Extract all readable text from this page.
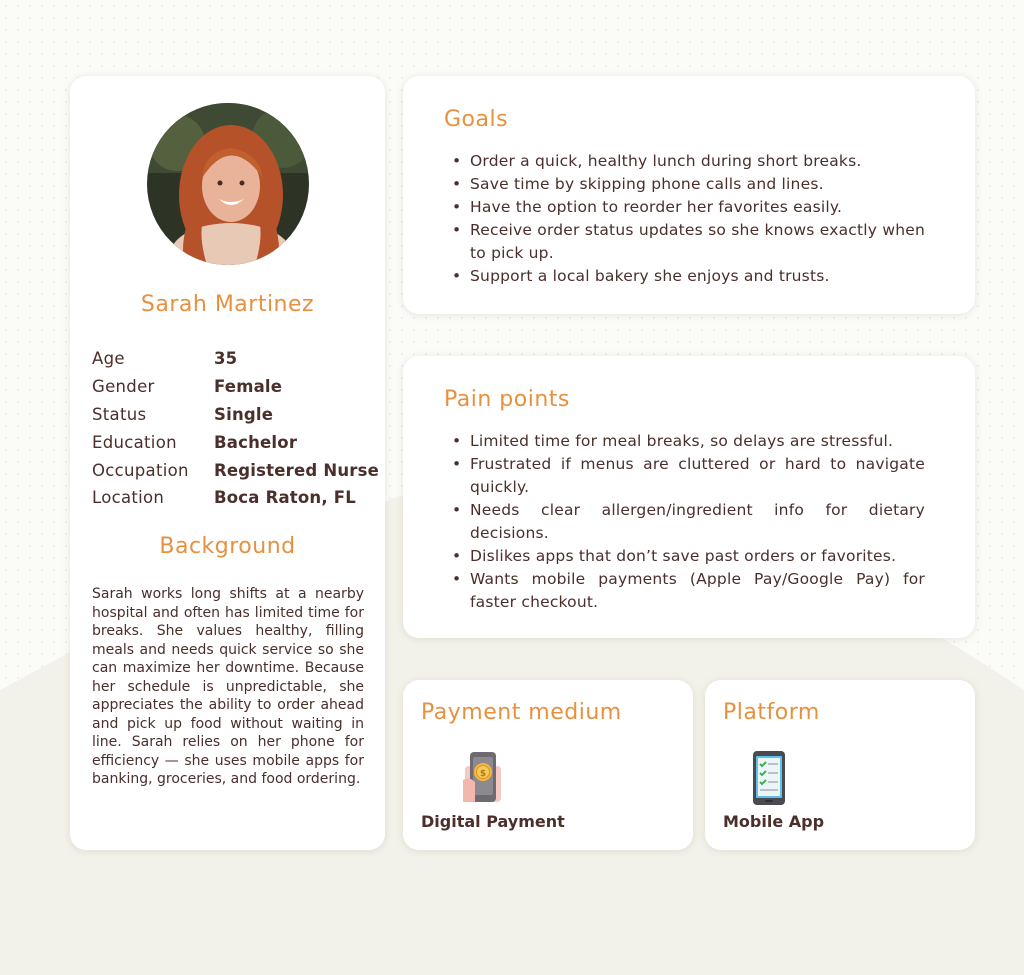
Sarah Martinez
Age	35
Gender	Female
Status	Single
Education	Bachelor
Occupation	Registered Nurse
Location	Boca Raton, FL
Background

Sarah works long shifts at a nearby hospital and often has limited time for breaks. She values healthy, filling meals and needs quick service so she can maximize her downtime. Because her schedule is unpredictable, she appreciates the ability to order ahead and pick up food without waiting in line. Sarah relies on her phone for efficiency — she uses mobile apps for banking, groceries, and food ordering.

Goals
• Order a quick, healthy lunch during short breaks.
• Save time by skipping phone calls and lines.
• Have the option to reorder her favorites easily.
• Receive order status updates so she knows exactly when to pick up.
• Support a local bakery she enjoys and trusts.
Pain points
• Limited time for meal breaks, so delays are stressful.
• Frustrated if menus are cluttered or hard to navigate quickly.
• Needs clear allergen/ingredient info for dietary decisions.
• Dislikes apps that don’t save past orders or favorites.
• Wants mobile payments (Apple Pay/Google Pay) for faster checkout.
Payment medium
$
Digital Payment
Platform
Mobile App
